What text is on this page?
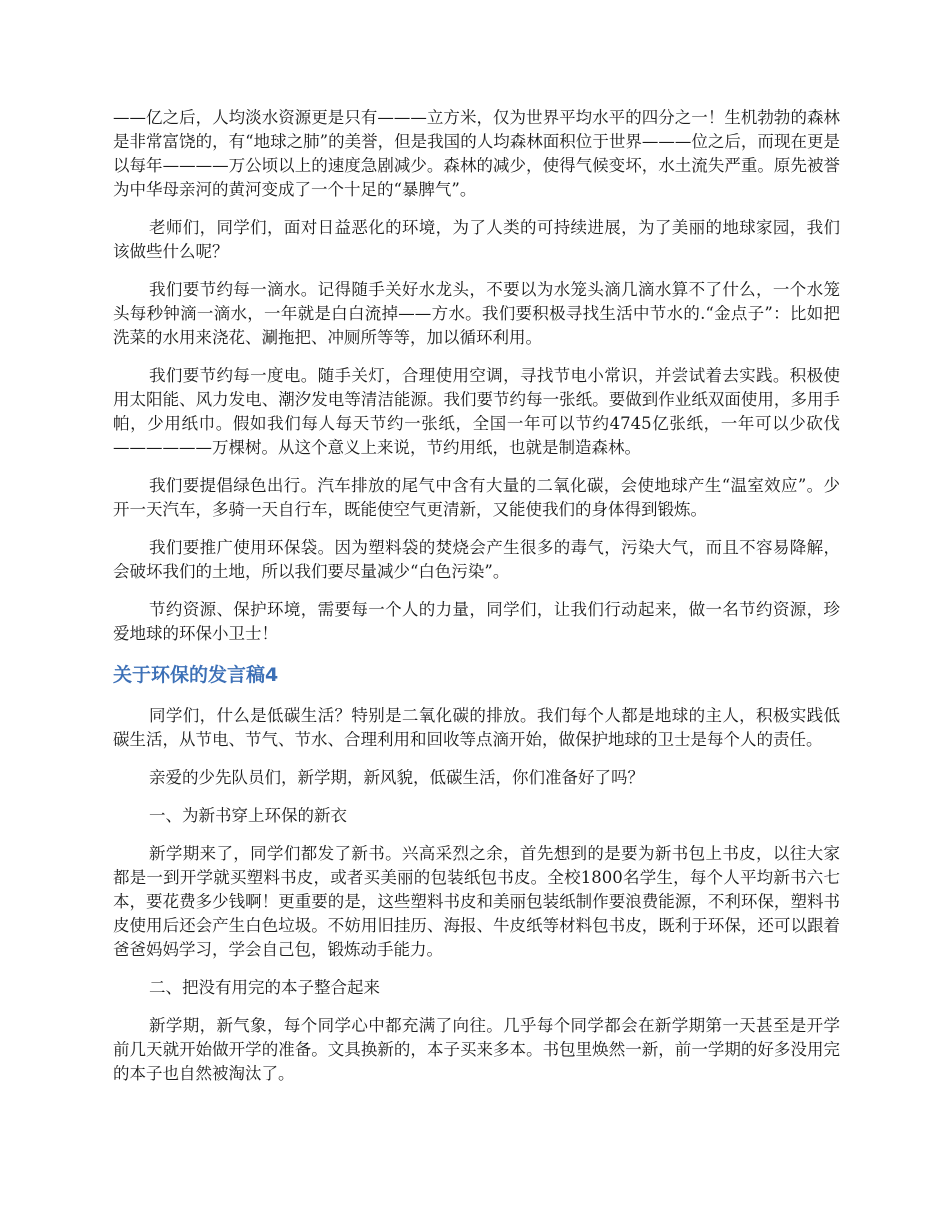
——亿之后，人均淡水资源更是只有———立方米，仅为世界平均水平的四分之一！生机勃勃的森林是非常富饶的，有“地球之肺”的美誉，但是我国的人均森林面积位于世界———位之后，而现在更是以每年————万公顷以上的速度急剧减少。森林的减少，使得气候变坏，水土流失严重。原先被誉为中华母亲河的黄河变成了一个十足的“暴脾气”。

老师们，同学们，面对日益恶化的环境，为了人类的可持续进展，为了美丽的地球家园，我们该做些什么呢？

我们要节约每一滴水。记得随手关好水龙头，不要以为水笼头滴几滴水算不了什么，一个水笼头每秒钟滴一滴水，一年就是白白流掉——方水。我们要积极寻找生活中节水的.“金点子”：比如把洗菜的水用来浇花、涮拖把、冲厕所等等，加以循环利用。

我们要节约每一度电。随手关灯，合理使用空调，寻找节电小常识，并尝试着去实践。积极使用太阳能、风力发电、潮汐发电等清洁能源。我们要节约每一张纸。要做到作业纸双面使用，多用手帕，少用纸巾。假如我们每人每天节约一张纸，全国一年可以节约4745亿张纸，一年可以少砍伐——————万棵树。从这个意义上来说，节约用纸，也就是制造森林。

我们要提倡绿色出行。汽车排放的尾气中含有大量的二氧化碳，会使地球产生“温室效应”。少开一天汽车，多骑一天自行车，既能使空气更清新，又能使我们的身体得到锻炼。

我们要推广使用环保袋。因为塑料袋的焚烧会产生很多的毒气，污染大气，而且不容易降解，会破坏我们的土地，所以我们要尽量减少“白色污染”。

节约资源、保护环境，需要每一个人的力量，同学们，让我们行动起来，做一名节约资源，珍爱地球的环保小卫士！

关于环保的发言稿4

同学们，什么是低碳生活？特别是二氧化碳的排放。我们每个人都是地球的主人，积极实践低碳生活，从节电、节气、节水、合理利用和回收等点滴开始，做保护地球的卫士是每个人的责任。

亲爱的少先队员们，新学期，新风貌，低碳生活，你们准备好了吗？

一、为新书穿上环保的新衣

新学期来了，同学们都发了新书。兴高采烈之余，首先想到的是要为新书包上书皮，以往大家都是一到开学就买塑料书皮，或者买美丽的包装纸包书皮。全校1800名学生，每个人平均新书六七本，要花费多少钱啊！更重要的是，这些塑料书皮和美丽包装纸制作要浪费能源，不利环保，塑料书皮使用后还会产生白色垃圾。不妨用旧挂历、海报、牛皮纸等材料包书皮，既利于环保，还可以跟着爸爸妈妈学习，学会自己包，锻炼动手能力。

二、把没有用完的本子整合起来

新学期，新气象，每个同学心中都充满了向往。几乎每个同学都会在新学期第一天甚至是开学前几天就开始做开学的准备。文具换新的，本子买来多本。书包里焕然一新，前一学期的好多没用完的本子也自然被淘汰了。
